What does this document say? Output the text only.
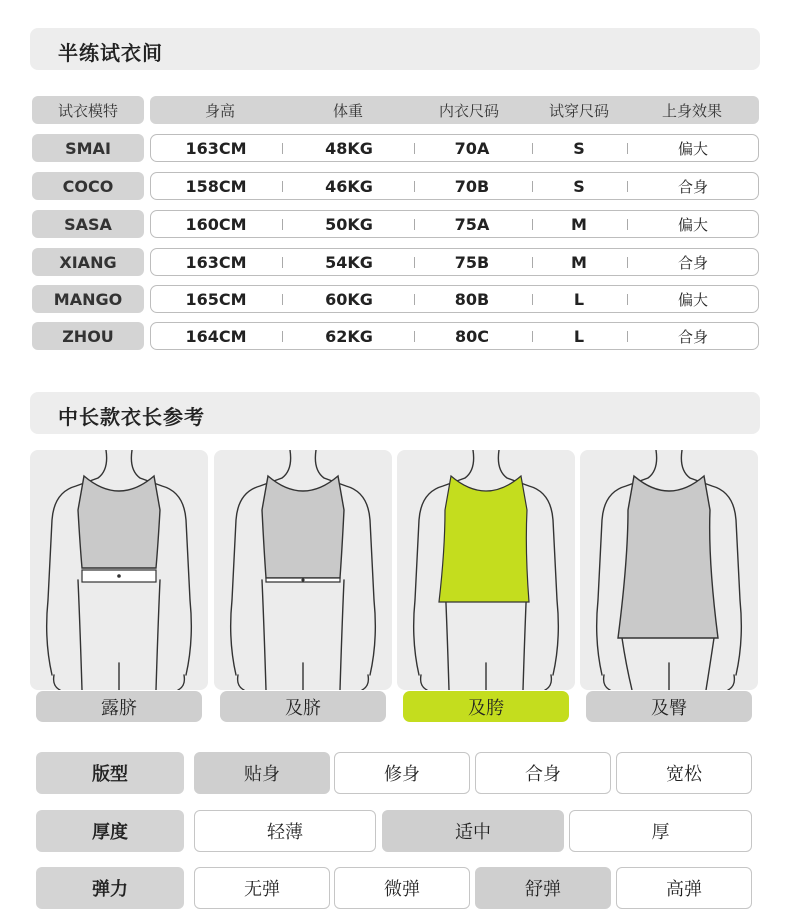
半练试衣间
试衣模特	身高	体重	内衣尺码	试穿尺码	上身效果
SMAI	163CM	48KG	70A	S	偏大
COCO	158CM	46KG	70B	S	合身
SASA	160CM	50KG	75A	M	偏大
XIANG	163CM	54KG	75B	M	合身
MANGO	165CM	60KG	80B	L	偏大
ZHOU	164CM	62KG	80C	L	合身
中长款衣长参考
露脐	及脐	及胯	及臀
版型	贴身	修身	合身	宽松
厚度	轻薄	适中	厚
弹力	无弹	微弹	舒弹	高弹
